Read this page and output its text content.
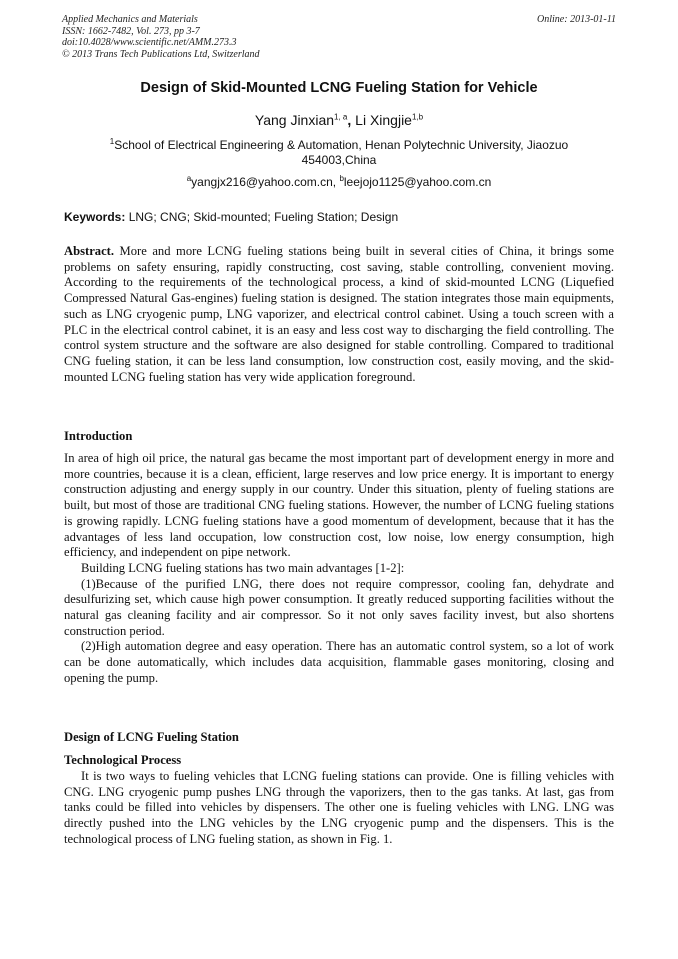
Applied Mechanics and Materials
ISSN: 1662-7482, Vol. 273, pp 3-7
doi:10.4028/www.scientific.net/AMM.273.3
© 2013 Trans Tech Publications Ltd, Switzerland
Online: 2013-01-11
Design of Skid-Mounted LCNG Fueling Station for Vehicle
Yang Jinxian$^{1, a}$, Li Xingjie$^{1,b}$
$^1$School of Electrical Engineering & Automation, Henan Polytechnic University, Jiaozuo 454003,China
$^a$yangjx216@yahoo.com.cn, $^b$leejojo1125@yahoo.com.cn
Keywords: LNG; CNG; Skid-mounted; Fueling Station; Design

Abstract. More and more LCNG fueling stations being built in several cities of China, it brings some problems on safety ensuring, rapidly constructing, cost saving, stable controlling, convenient moving. According to the requirements of the technological process, a kind of skid-mounted LCNG (Liquefied Compressed Natural Gas-engines) fueling station is designed. The station integrates those main equipments, such as LNG cryogenic pump, LNG vaporizer, and electrical control cabinet. Using a touch screen with a PLC in the electrical control cabinet, it is an easy and less cost way to discharging the field controlling. The control system structure and the software are also designed for stable controlling. Compared to traditional CNG fueling station, it can be less land consumption, low construction cost, easily moving, and the skid-mounted LCNG fueling station has very wide application foreground.

Introduction

In area of high oil price, the natural gas became the most important part of development energy in more and more countries, because it is a clean, efficient, large reserves and low price energy. It is important to energy construction adjusting and energy supply in our country. Under this situation, plenty of fueling stations are built, but most of those are traditional CNG fueling stations. However, the number of LCNG fueling stations is growing rapidly. LCNG fueling stations have a good momentum of development, because that it has the advantages of less land occupation, low construction cost, low noise, low energy consumption, high efficiency, and independent on pipe network.

Building LCNG fueling stations has two main advantages [1-2]:

(1)Because of the purified LNG, there does not require compressor, cooling fan, dehydrate and desulfurizing set, which cause high power consumption. It greatly reduced supporting facilities without the natural gas cleaning facility and air compressor. So it not only saves facility invest, but also shortens construction period.

(2)High automation degree and easy operation. There has an automatic control system, so a lot of work can be done automatically, which includes data acquisition, flammable gases monitoring, closing and opening the pump.

Design of LCNG Fueling Station
Technological Process

It is two ways to fueling vehicles that LCNG fueling stations can provide. One is filling vehicles with CNG. LNG cryogenic pump pushes LNG through the vaporizers, then to the gas tanks. At last, gas from tanks could be filled into vehicles by dispensers. The other one is fueling vehicles with LNG. LNG was directly pushed into the LNG vehicles by the LNG cryogenic pump and the dispensers. This is the technological process of LNG fueling station, as shown in Fig. 1.
